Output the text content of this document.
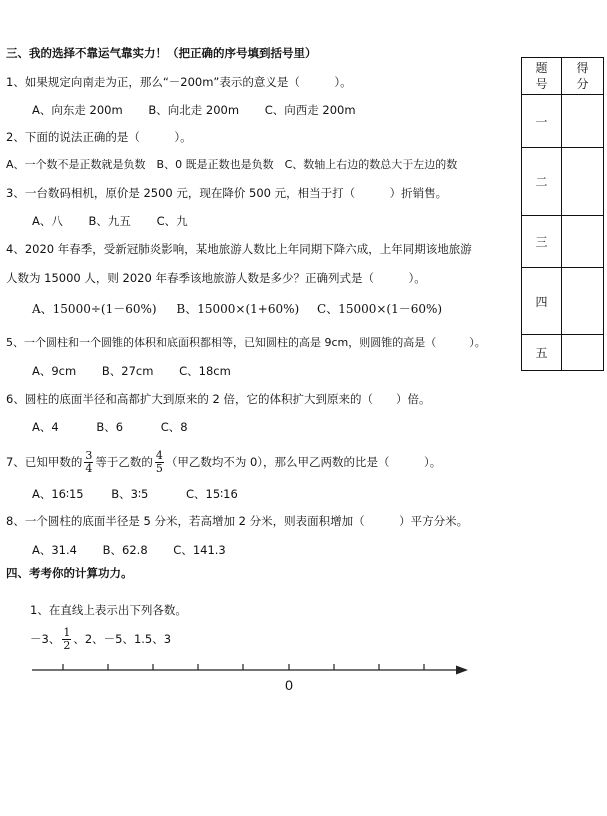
三、我的选择不靠运气靠实力！（把正确的序号填到括号里）
1、如果规定向南走为正，那么“－200m”表示的意义是（　　　）。
A、向东走 200m B、向北走 200m C、向西走 200m
2、下面的说法正确的是（　　　）。
A、一个数不是正数就是负数　B、0 既是正数也是负数　C、数轴上右边的数总大于左边的数
3、一台数码相机，原价是 2500 元，现在降价 500 元，相当于打（　　　）折销售。
A、八 B、九五 C、九
4、2020 年春季，受新冠肺炎影响，某地旅游人数比上年同期下降六成，上年同期该地旅游
人数为 15000 人，则 2020 年春季该地旅游人数是多少？正确列式是（　　　）。
A、15000÷(1－60%) B、15000×(1+60%) C、15000×(1－60%)
5、一个圆柱和一个圆锥的体积和底面积都相等，已知圆柱的高是 9cm，则圆锥的高是（　　　）。
A、9cm B、27cm C、18cm
6、圆柱的底面半径和高都扩大到原来的 2 倍，它的体积扩大到原来的（　　）倍。
A、4	B、6	C、8
7、已知甲数的 $\frac{3}{4}$ 等于乙数的 $\frac{4}{5}$ （甲乙数均不为 0），那么甲乙两数的比是（　　　）。
A、16∶15 B、3∶5	C、15∶16
8、一个圆柱的底面半径是 5 分米，若高增加 2 分米，则表面积增加（　　　）平方分米。
A、31.4 B、62.8 C、141.3
四、考考你的计算功力。
1、在直线上表示出下列各数。
－3、 $\frac{1}{2}$ 、2、－5、1.5、3
0
题号	得分
一	
二	
三	
四	
五	
